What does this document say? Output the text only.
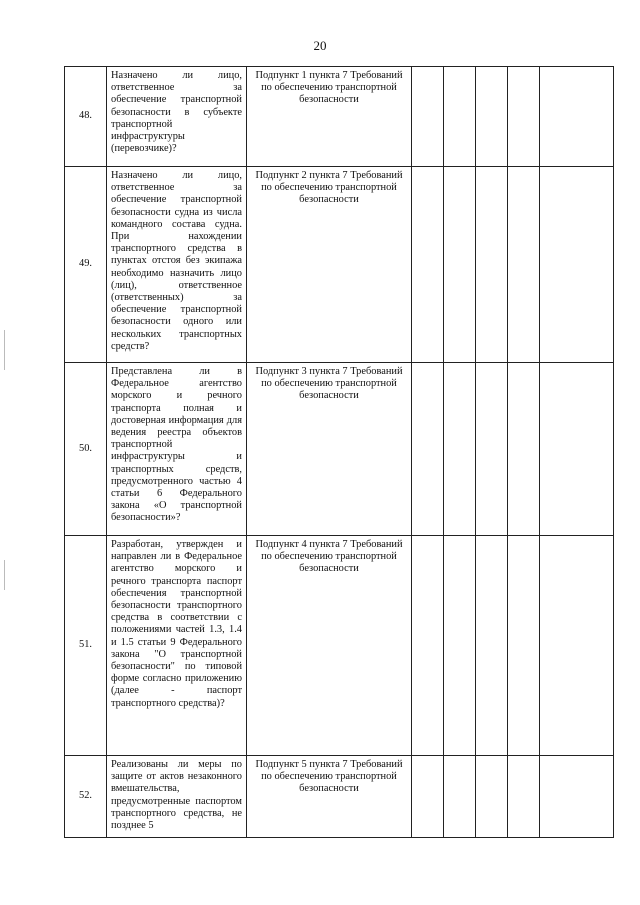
20
48.	Назначено ли лицо, ответственное за обеспечение транспортной безопасности в субъекте транспортной инфраструктуры (перевозчике)?	Подпункт 1 пункта 7 Требований по обеспечению транспортной безопасности					
49.	Назначено ли лицо, ответственное за обеспечение транспортной безопасности судна из числа командного состава судна. При нахождении транспортного средства в пунктах отстоя без экипажа необходимо назначить лицо (лиц), ответственное (ответственных) за обеспечение транспортной безопасности одного или нескольких транспортных средств?	Подпункт 2 пункта 7 Требований по обеспечению транспортной безопасности					
50.	Представлена ли в Федеральное агентство морского и речного транспорта полная и достоверная информация для ведения реестра объектов транспортной инфраструктуры и транспортных средств, предусмотренного частью 4 статьи 6 Федерального закона «О транспортной безопасности»?	Подпункт 3 пункта 7 Требований по обеспечению транспортной безопасности					
51.	Разработан, утвержден и направлен ли в Федеральное агентство морского и речного транспорта паспорт обеспечения транспортной безопасности транспортного средства в соответствии с положениями частей 1.3, 1.4 и 1.5 статьи 9 Федерального закона "О транспортной безопасности" по типовой форме согласно приложению (далее - паспорт транспортного средства)?	Подпункт 4 пункта 7 Требований по обеспечению транспортной безопасности					
52.	Реализованы ли меры по защите от актов незаконного вмешательства, предусмотренные паспортом транспортного средства, не позднее 5	Подпункт 5 пункта 7 Требований по обеспечению транспортной безопасности					
